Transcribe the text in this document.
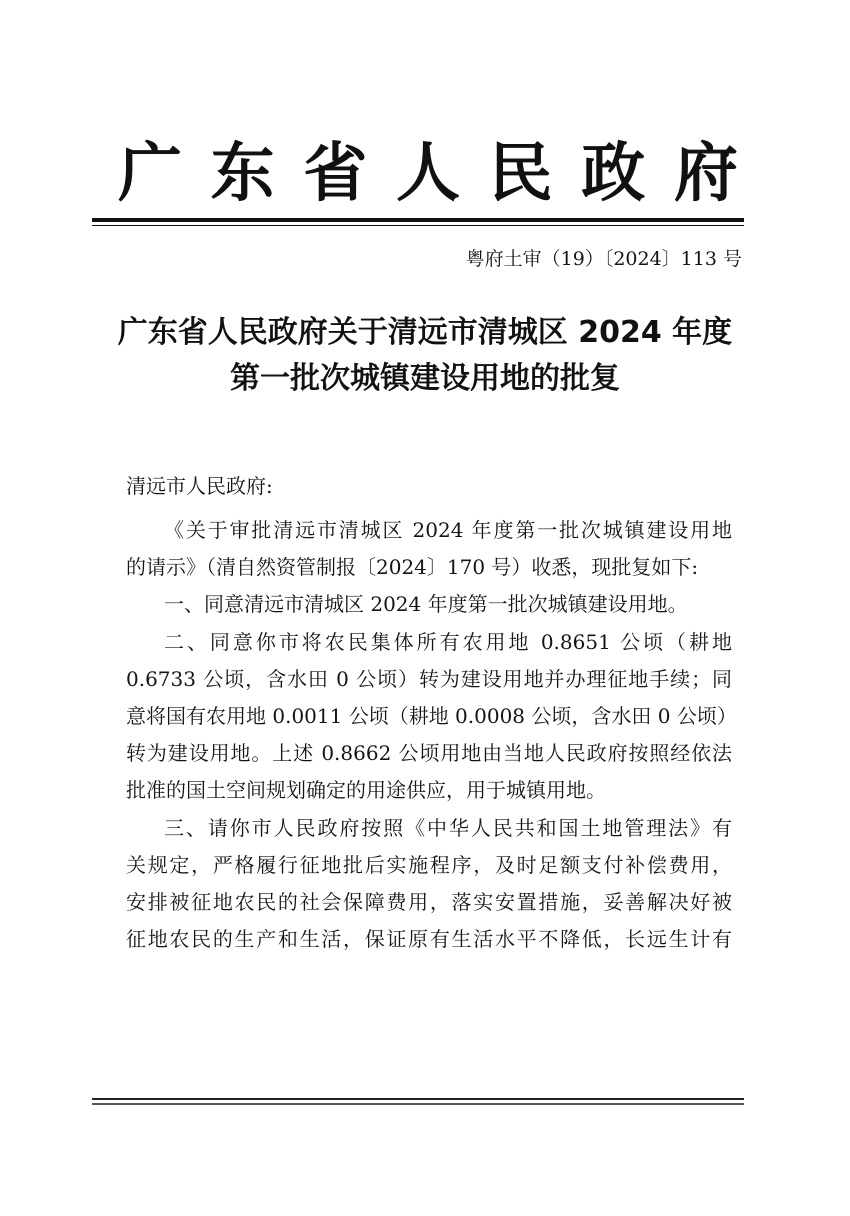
广 东 省 人 民 政 府
粤府土审（19）〔2024〕113 号
广东省人民政府关于清远市清城区 2024 年度
第一批次城镇建设用地的批复
清远市人民政府:
《关于审批清远市清城区 2024 年度第一批次城镇建设用地
的请示》（清自然资管制报〔2024〕170 号）收悉，现批复如下:
一、同意清远市清城区 2024 年度第一批次城镇建设用地。
二、同意你市将农民集体所有农用地 0.8651 公顷（耕地
0.6733 公顷，含水田 0 公顷）转为建设用地并办理征地手续；同
意将国有农用地 0.0011 公顷（耕地 0.0008 公顷，含水田 0 公顷）
转为建设用地。上述 0.8662 公顷用地由当地人民政府按照经依法
批准的国土空间规划确定的用途供应，用于城镇用地。
三、请你市人民政府按照《中华人民共和国土地管理法》有
关规定，严格履行征地批后实施程序，及时足额支付补偿费用，
安排被征地农民的社会保障费用，落实安置措施，妥善解决好被
征地农民的生产和生活，保证原有生活水平不降低，长远生计有
